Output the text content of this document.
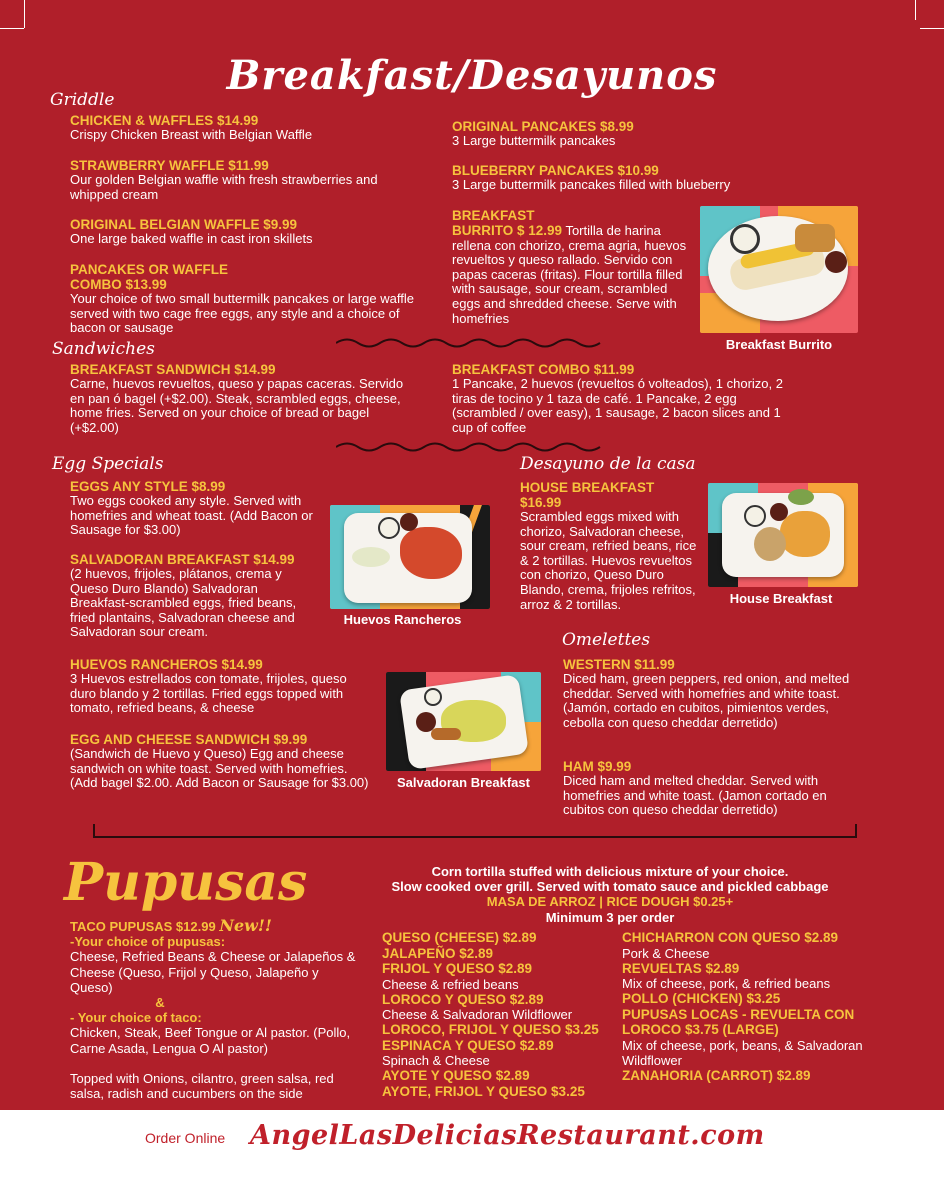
Breakfast/Desayunos
Griddle
CHICKEN & WAFFLES $14.99
Crispy Chicken Breast with Belgian Waffle
STRAWBERRY WAFFLE $11.99
Our golden Belgian waffle with fresh strawberries and whipped cream
ORIGINAL BELGIAN WAFFLE $9.99
One large baked waffle in cast iron skillets
PANCAKES OR WAFFLE COMBO $13.99
Your choice of two small buttermilk pancakes or large waffle served with two cage free eggs, any style and a choice of bacon or sausage
ORIGINAL PANCAKES $8.99
3 Large buttermilk pancakes
BLUEBERRY PANCAKES $10.99
3 Large buttermilk pancakes filled with blueberry
BREAKFAST
BURRITO $ 12.99 Tortilla de harina
rellena con chorizo, crema agria, huevos revueltos y queso rallado. Servido con papas caceras (fritas). Flour tortilla filled with sausage, sour cream, scrambled eggs and shredded cheese. Serve with homefries
Breakfast Burrito
Sandwiches
BREAKFAST SANDWICH $14.99
Carne, huevos revueltos, queso y papas caceras. Servido en pan ó bagel (+$2.00). Steak, scrambled eggs, cheese, home fries. Served on your choice of bread or bagel (+$2.00)
BREAKFAST COMBO $11.99
1 Pancake, 2 huevos (revueltos ó volteados), 1 chorizo, 2 tiras de tocino y 1 taza de café. 1 Pancake, 2 egg (scrambled / over easy), 1 sausage, 2 bacon slices and 1 cup of coffee
Egg Specials
EGGS ANY STYLE $8.99
Two eggs cooked any style. Served with homefries and wheat toast. (Add Bacon or Sausage for $3.00)
SALVADORAN BREAKFAST $14.99
(2 huevos, frijoles, plátanos, crema y Queso Duro Blando) Salvadoran Breakfast-scrambled eggs, fried beans, fried plantains, Salvadoran cheese and Salvadoran sour cream.
HUEVOS RANCHEROS $14.99
3 Huevos estrellados con tomate, frijoles, queso duro blando y 2 tortillas. Fried eggs topped with tomato, refried beans, & cheese
EGG AND CHEESE SANDWICH $9.99
(Sandwich de Huevo y Queso) Egg and cheese sandwich on white toast. Served with homefries. (Add bagel $2.00. Add Bacon or Sausage for $3.00)
Huevos Rancheros
Salvadoran Breakfast
Desayuno de la casa
HOUSE BREAKFAST
$16.99
Scrambled eggs mixed with chorizo, Salvadoran cheese, sour cream, refried beans, rice & 2 tortillas. Huevos revueltos con chorizo, Queso Duro Blando, crema, frijoles refritos, arroz & 2 tortillas.	House Breakfast
Omelettes
WESTERN $11.99
Diced ham, green peppers, red onion, and melted cheddar. Served with homefries and white toast. (Jamón, cortado en cubitos, pimientos verdes, cebolla con queso cheddar derretido)
HAM $9.99
Diced ham and melted cheddar. Served with homefries and white toast. (Jamon cortado en cubitos con queso cheddar derretido)
Pupusas	Corn tortilla stuffed with delicious mixture of your choice.
Slow cooked over grill. Served with tomato sauce and pickled cabbage
MASA DE ARROZ | RICE DOUGH $0.25+
Minimum 3 per order
TACO PUPUSAS $12.99 New!!
-Your choice of pupusas:
Cheese, Refried Beans & Cheese or Jalapeños & Cheese (Queso, Frijol y Queso, Jalapeño y Queso)
&
- Your choice of taco:
Chicken, Steak, Beef Tongue or Al pastor. (Pollo, Carne Asada, Lengua O Al pastor)
Topped with Onions, cilantro, green salsa, red salsa, radish and cucumbers on the side
QUESO (CHEESE) $2.89
JALAPEÑO $2.89
FRIJOL Y QUESO $2.89
Cheese & refried beans
LOROCO Y QUESO $2.89
Cheese & Salvadoran Wildflower
LOROCO, FRIJOL Y QUESO $3.25
ESPINACA Y QUESO $2.89
Spinach & Cheese
AYOTE Y QUESO $2.89
AYOTE, FRIJOL Y QUESO $3.25
CHICHARRON CON QUESO $2.89
Pork & Cheese
REVUELTAS $2.89
Mix of cheese, pork, & refried beans
POLLO (CHICKEN) $3.25
PUPUSAS LOCAS - REVUELTA CON LOROCO $3.75 (LARGE)
Mix of cheese, pork, beans, & Salvadoran Wildflower
ZANAHORIA (CARROT) $2.89
Order Online AngelLasDeliciasRestaurant.com
